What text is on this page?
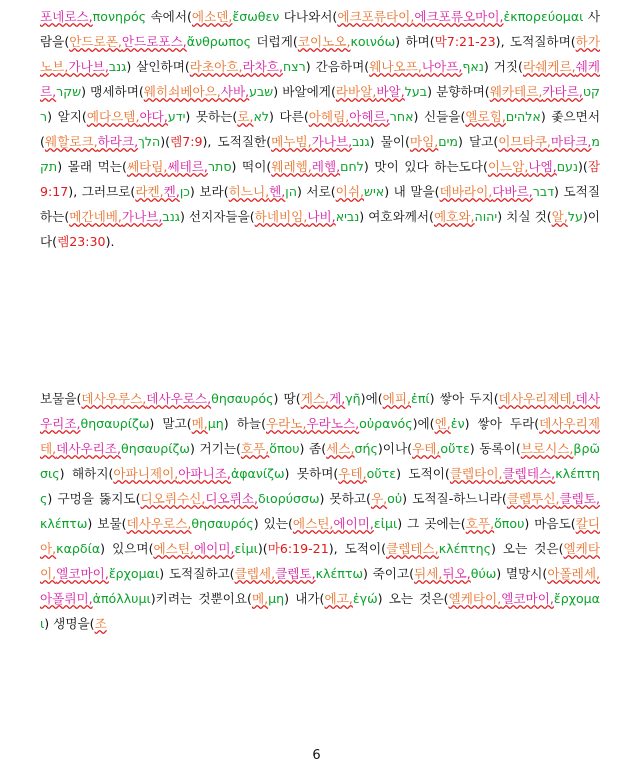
포네로스,πονηρός 속에서(에소덴,ἔσωθεν 다나와서(에크포류타이,에크포류오마이,ἐκπορεύομαι 사람을(안드로폰,안드로포스,ἄνθρωπος 더럽게(코이노오,κοινόω) 하며(막7:21-23), 도적질하며(하가노브,가나브,גנב) 살인하며(라초아흐,라차흐,רצח) 간음하며(웨나오프,나아프,נאף) 거짓(라쉐케르,쉐케르,שקר) 맹세하며(웨히쇠베아으,사바,שבע) 바알에게(라바알,바알,בעל) 분향하며(웨카테르,카타르,קטר) 알지(예다으템,야다,ידע) 못하는(로,לא) 다른(아헤림,아헤르,אחר) 신들을(엘로힘,אלהים) 좇으면서(웨할로크,하라크,הלך)(렘7:9), 도적질한(메누빔,가나브,גנב) 물이(마임,מים) 달고(이므타쿠,마타크,מתק) 몰래 먹는(쎄타림,쎄테르,סתר) 떡이(웨레헴,레헴,לחם) 맛이 있다 하는도다(이느암,나엠,נעם)(잠9:17), 그러므로(라켄,켄,כן) 보라(히느니,헨,הן) 서로(이쉬,איש) 내 말을(데바라이,다바르,דבר) 도적질하는(메간네베,가나브,גנב) 선지자들을(하네비임,나비,נביא) 여호와께서(예호와,יהוה) 치실 것(알,על)이다(렘23:30).
보물을(데사우루스,데사우로스,θησαυρός) 땅(게스,게,γῆ)에(에피,ἐπί) 쌓아 두지(데사우리제테,데사우리조,θησαυρίζω) 말고(메,μη) 하늘(우라노,우라노스,οὐρανός)에(엔,ἐν) 쌓아 두라(데사우리제테,데사우리조,θησαυρίζω) 거기는(호푸,ὅπου) 좀(세스,σής)이나(우테,οὔτε) 동록이(브로시스,βρῶσις) 해하지(아파니제이,아파니조,ἀφανίζω) 못하며(우테,οὔτε) 도적이(클렙타이,클렙테스,κλέπτης) 구멍을 뚫지도(디오뤼수신,디오뤼소,διορύσσω) 못하고(우,οὐ) 도적질-하느니라(클렙투신,클렙토,κλέπτω) 보물(데사우로스,θησαυρός) 있는(에스틴,에이미,εἰμι) 그 곳에는(호푸,ὅπου) 마음도(칼디아,καρδία) 있으며(에스틴,에이미,εἰμι)(마6:19-21), 도적이(클렙테스,κλέπτης) 오는 것은(엘케타이,엘코마이,ἔρχομαι) 도적질하고(클렙세,클렙토,κλέπτω) 죽이고(뒤세,뒤오,θύω) 멸망시(아폴레세,아폴뤼미,ἀπόλλυμι)키려는 것뿐이요(메,μη) 내가(에고,ἐγώ) 오는 것은(엘케타이,엘코마이,ἔρχομαι) 생명을(조
6
